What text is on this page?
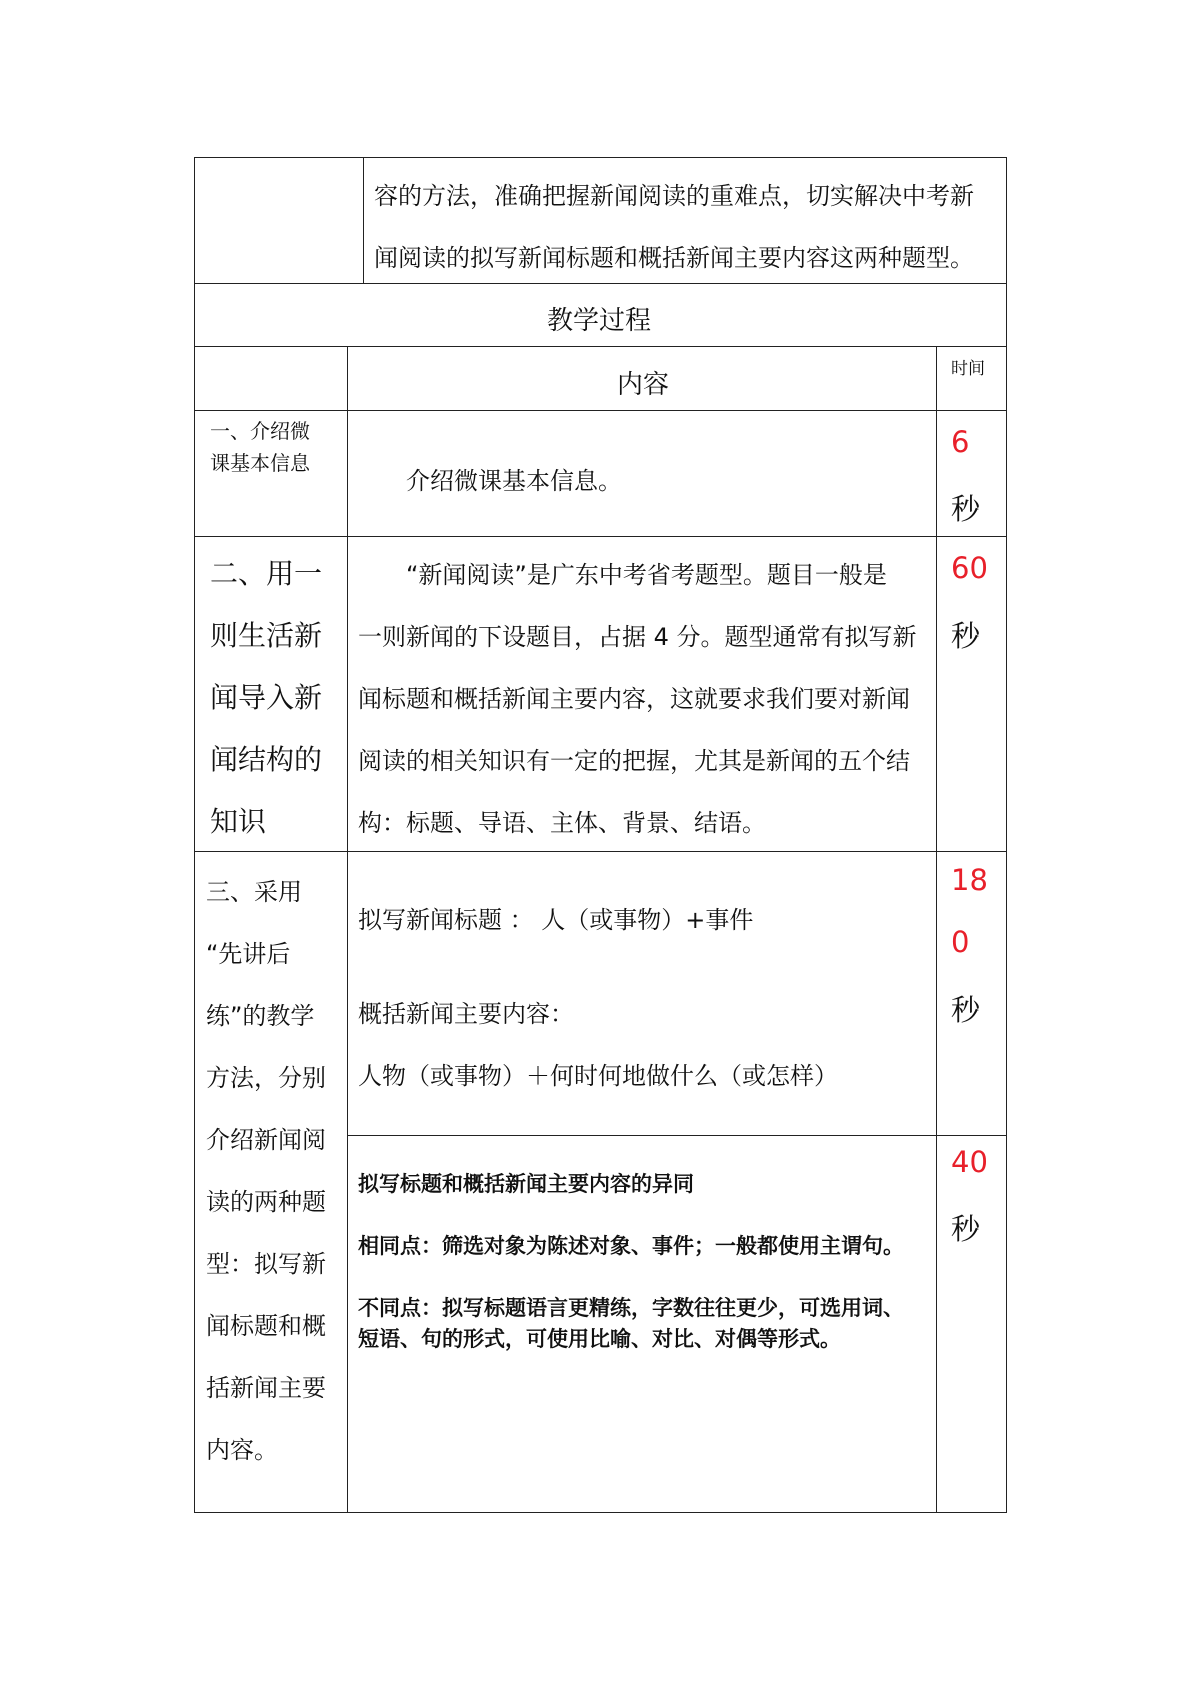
容的方法，准确把握新闻阅读的重难点，切实解决中考新

闻阅读的拟写新闻标题和概括新闻主要内容这两种题型。

教学过程

内容

时间

一、介绍微

课基本信息

介绍微课基本信息。

6

秒

二、用一

则生活新

闻导入新

闻结构的

知识

“新闻阅读”是广东中考省考题型。题目一般是

一则新闻的下设题目，占据 4 分。题型通常有拟写新

闻标题和概括新闻主要内容，这就要求我们要对新闻

阅读的相关知识有一定的把握，尤其是新闻的五个结

构：标题、导语、主体、背景、结语。

60

秒

三、采用

“先讲后

练”的教学

方法，分别

介绍新闻阅

读的两种题

型：拟写新

闻标题和概

括新闻主要

内容。

拟写新闻标题 ： 人（或事物）+事件

概括新闻主要内容：

人物（或事物）＋何时何地做什么（或怎样）

18

0

秒

拟写标题和概括新闻主要内容的异同

相同点：筛选对象为陈述对象、事件；一般都使用主谓句。

不同点：拟写标题语言更精练，字数往往更少，可选用词、

短语、句的形式，可使用比喻、对比、对偶等形式。

40

秒
